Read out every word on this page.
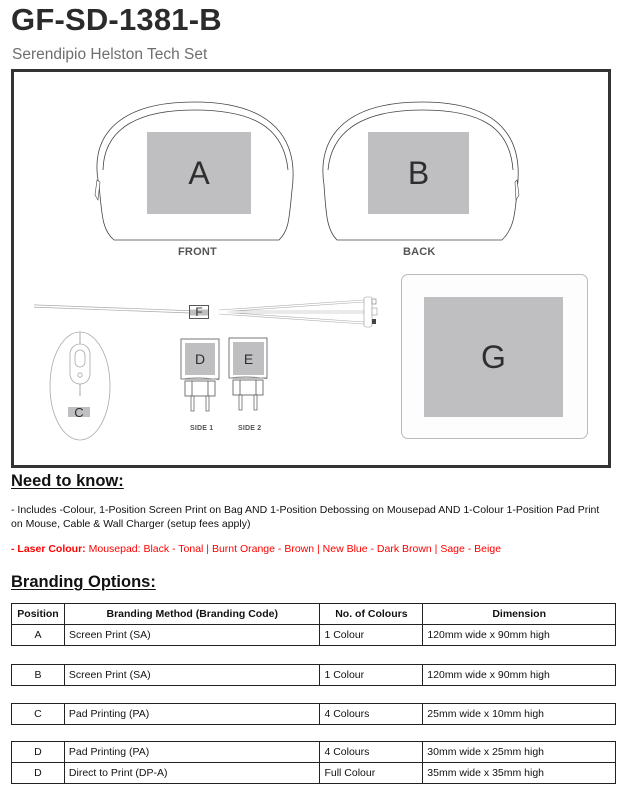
GF-SD-1381-B
Serendipio Helston Tech Set
A
FRONT
B
BACK
F
C
D
SIDE 1
E
SIDE 2
G
Need to know:
- Includes -Colour, 1-Position Screen Print on Bag AND 1-Position Debossing on Mousepad AND 1-Colour 1-Position Pad Print on Mouse, Cable & Wall Charger (setup fees apply)
- Laser Colour: Mousepad: Black - Tonal | Burnt Orange - Brown | New Blue - Dark Brown | Sage - Beige
Branding Options:
Position	Branding Method (Branding Code)	No. of Colours	Dimension
A	Screen Print (SA)	1 Colour	120mm wide x 90mm high
B	Screen Print (SA)	1 Colour	120mm wide x 90mm high
C	Pad Printing (PA)	4 Colours	25mm wide x 10mm high
D	Pad Printing (PA)	4 Colours	30mm wide x 25mm high
D	Direct to Print (DP-A)	Full Colour	35mm wide x 35mm high
